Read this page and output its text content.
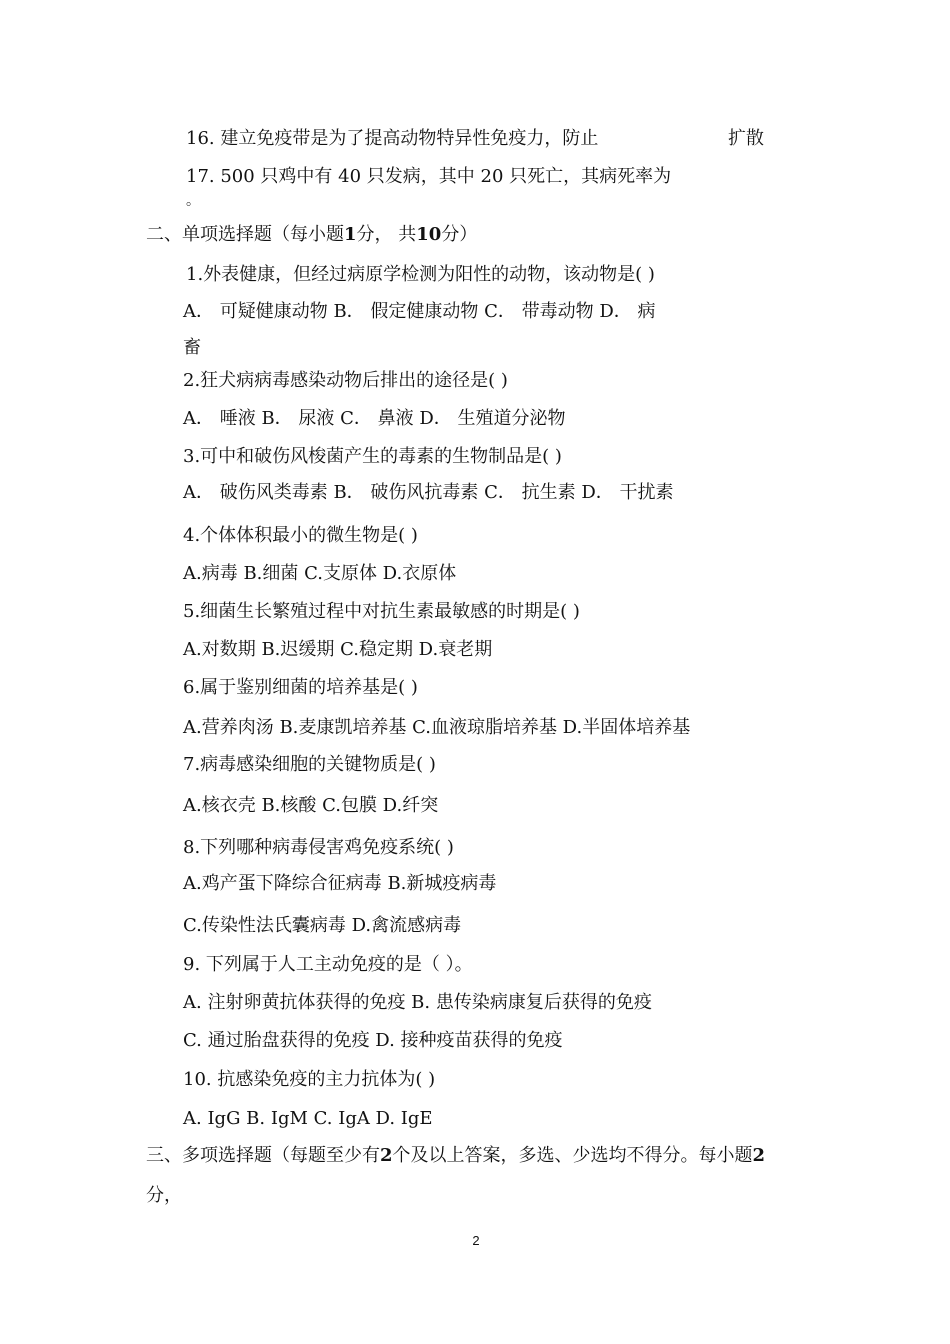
16. 建立免疫带是为了提高动物特异性免疫力，防止	扩散
17. 500 只鸡中有 40 只发病，其中 20 只死亡，其病死率为
。
二、单项选择题（每小题1分， 共10分）
1.外表健康，但经过病原学检测为阳性的动物，该动物是( )
A． 可疑健康动物 B． 假定健康动物 C． 带毒动物 D． 病
畜
2.狂犬病病毒感染动物后排出的途径是( )
A． 唾液 B． 尿液 C． 鼻液 D． 生殖道分泌物
3.可中和破伤风梭菌产生的毒素的生物制品是( )
A． 破伤风类毒素 B． 破伤风抗毒素 C． 抗生素 D． 干扰素
4.个体体积最小的微生物是( )
A.病毒 B.细菌 C.支原体 D.衣原体
5.细菌生长繁殖过程中对抗生素最敏感的时期是( )
A.对数期 B.迟缓期 C.稳定期 D.衰老期
6.属于鉴别细菌的培养基是( )
A.营养肉汤 B.麦康凯培养基 C.血液琼脂培养基 D.半固体培养基
7.病毒感染细胞的关键物质是( )
A.核衣壳 B.核酸 C.包膜 D.纤突
8.下列哪种病毒侵害鸡免疫系统( )
A.鸡产蛋下降综合征病毒 B.新城疫病毒
C.传染性法氏囊病毒 D.禽流感病毒
9. 下列属于人工主动免疫的是（ ）。
A. 注射卵黄抗体获得的免疫 B. 患传染病康复后获得的免疫
C. 通过胎盘获得的免疫 D. 接种疫苗获得的免疫
10. 抗感染免疫的主力抗体为( )
A. IgG B. IgM C. IgA D. IgE
三、多项选择题（每题至少有2个及以上答案，多选、少选均不得分。每小题2
分，
2
